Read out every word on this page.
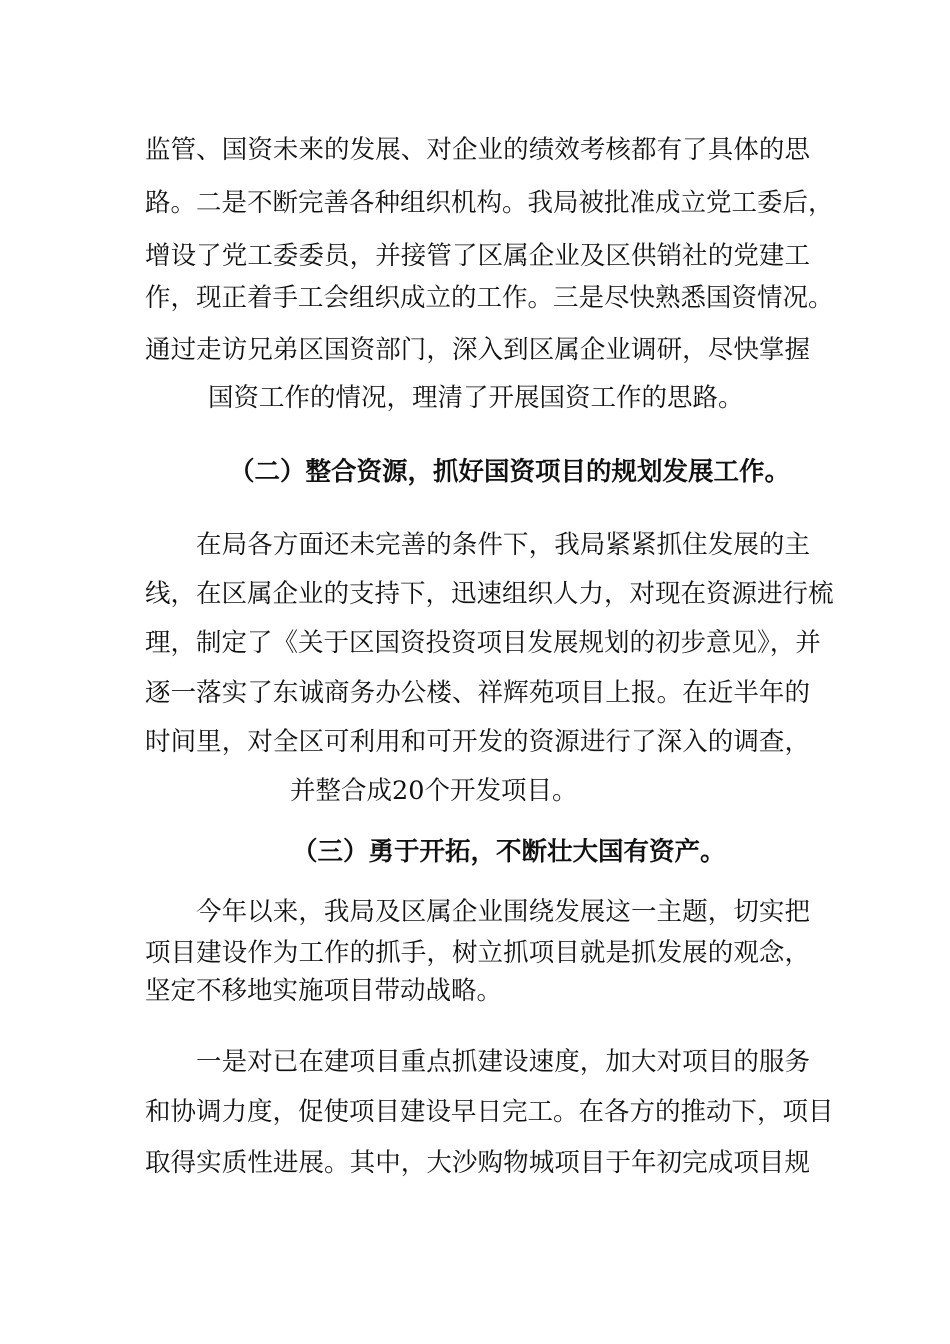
监管、国资未来的发展、对企业的绩效考核都有了具体的思
路。二是不断完善各种组织机构。我局被批准成立党工委后，
增设了党工委委员，并接管了区属企业及区供销社的党建工
作，现正着手工会组织成立的工作。三是尽快熟悉国资情况。
通过走访兄弟区国资部门，深入到区属企业调研，尽快掌握
国资工作的情况，理清了开展国资工作的思路。
（二）整合资源，抓好国资项目的规划发展工作。
在局各方面还未完善的条件下，我局紧紧抓住发展的主
线，在区属企业的支持下，迅速组织人力，对现在资源进行梳
理，制定了《关于区国资投资项目发展规划的初步意见》，并
逐一落实了东诚商务办公楼、祥辉苑项目上报。在近半年的
时间里，对全区可利用和可开发的资源进行了深入的调查，
并整合成20个开发项目。
（三）勇于开拓，不断壮大国有资产。
今年以来，我局及区属企业围绕发展这一主题，切实把
项目建设作为工作的抓手，树立抓项目就是抓发展的观念，
坚定不移地实施项目带动战略。
一是对已在建项目重点抓建设速度，加大对项目的服务
和协调力度，促使项目建设早日完工。在各方的推动下，项目
取得实质性进展。其中，大沙购物城项目于年初完成项目规
